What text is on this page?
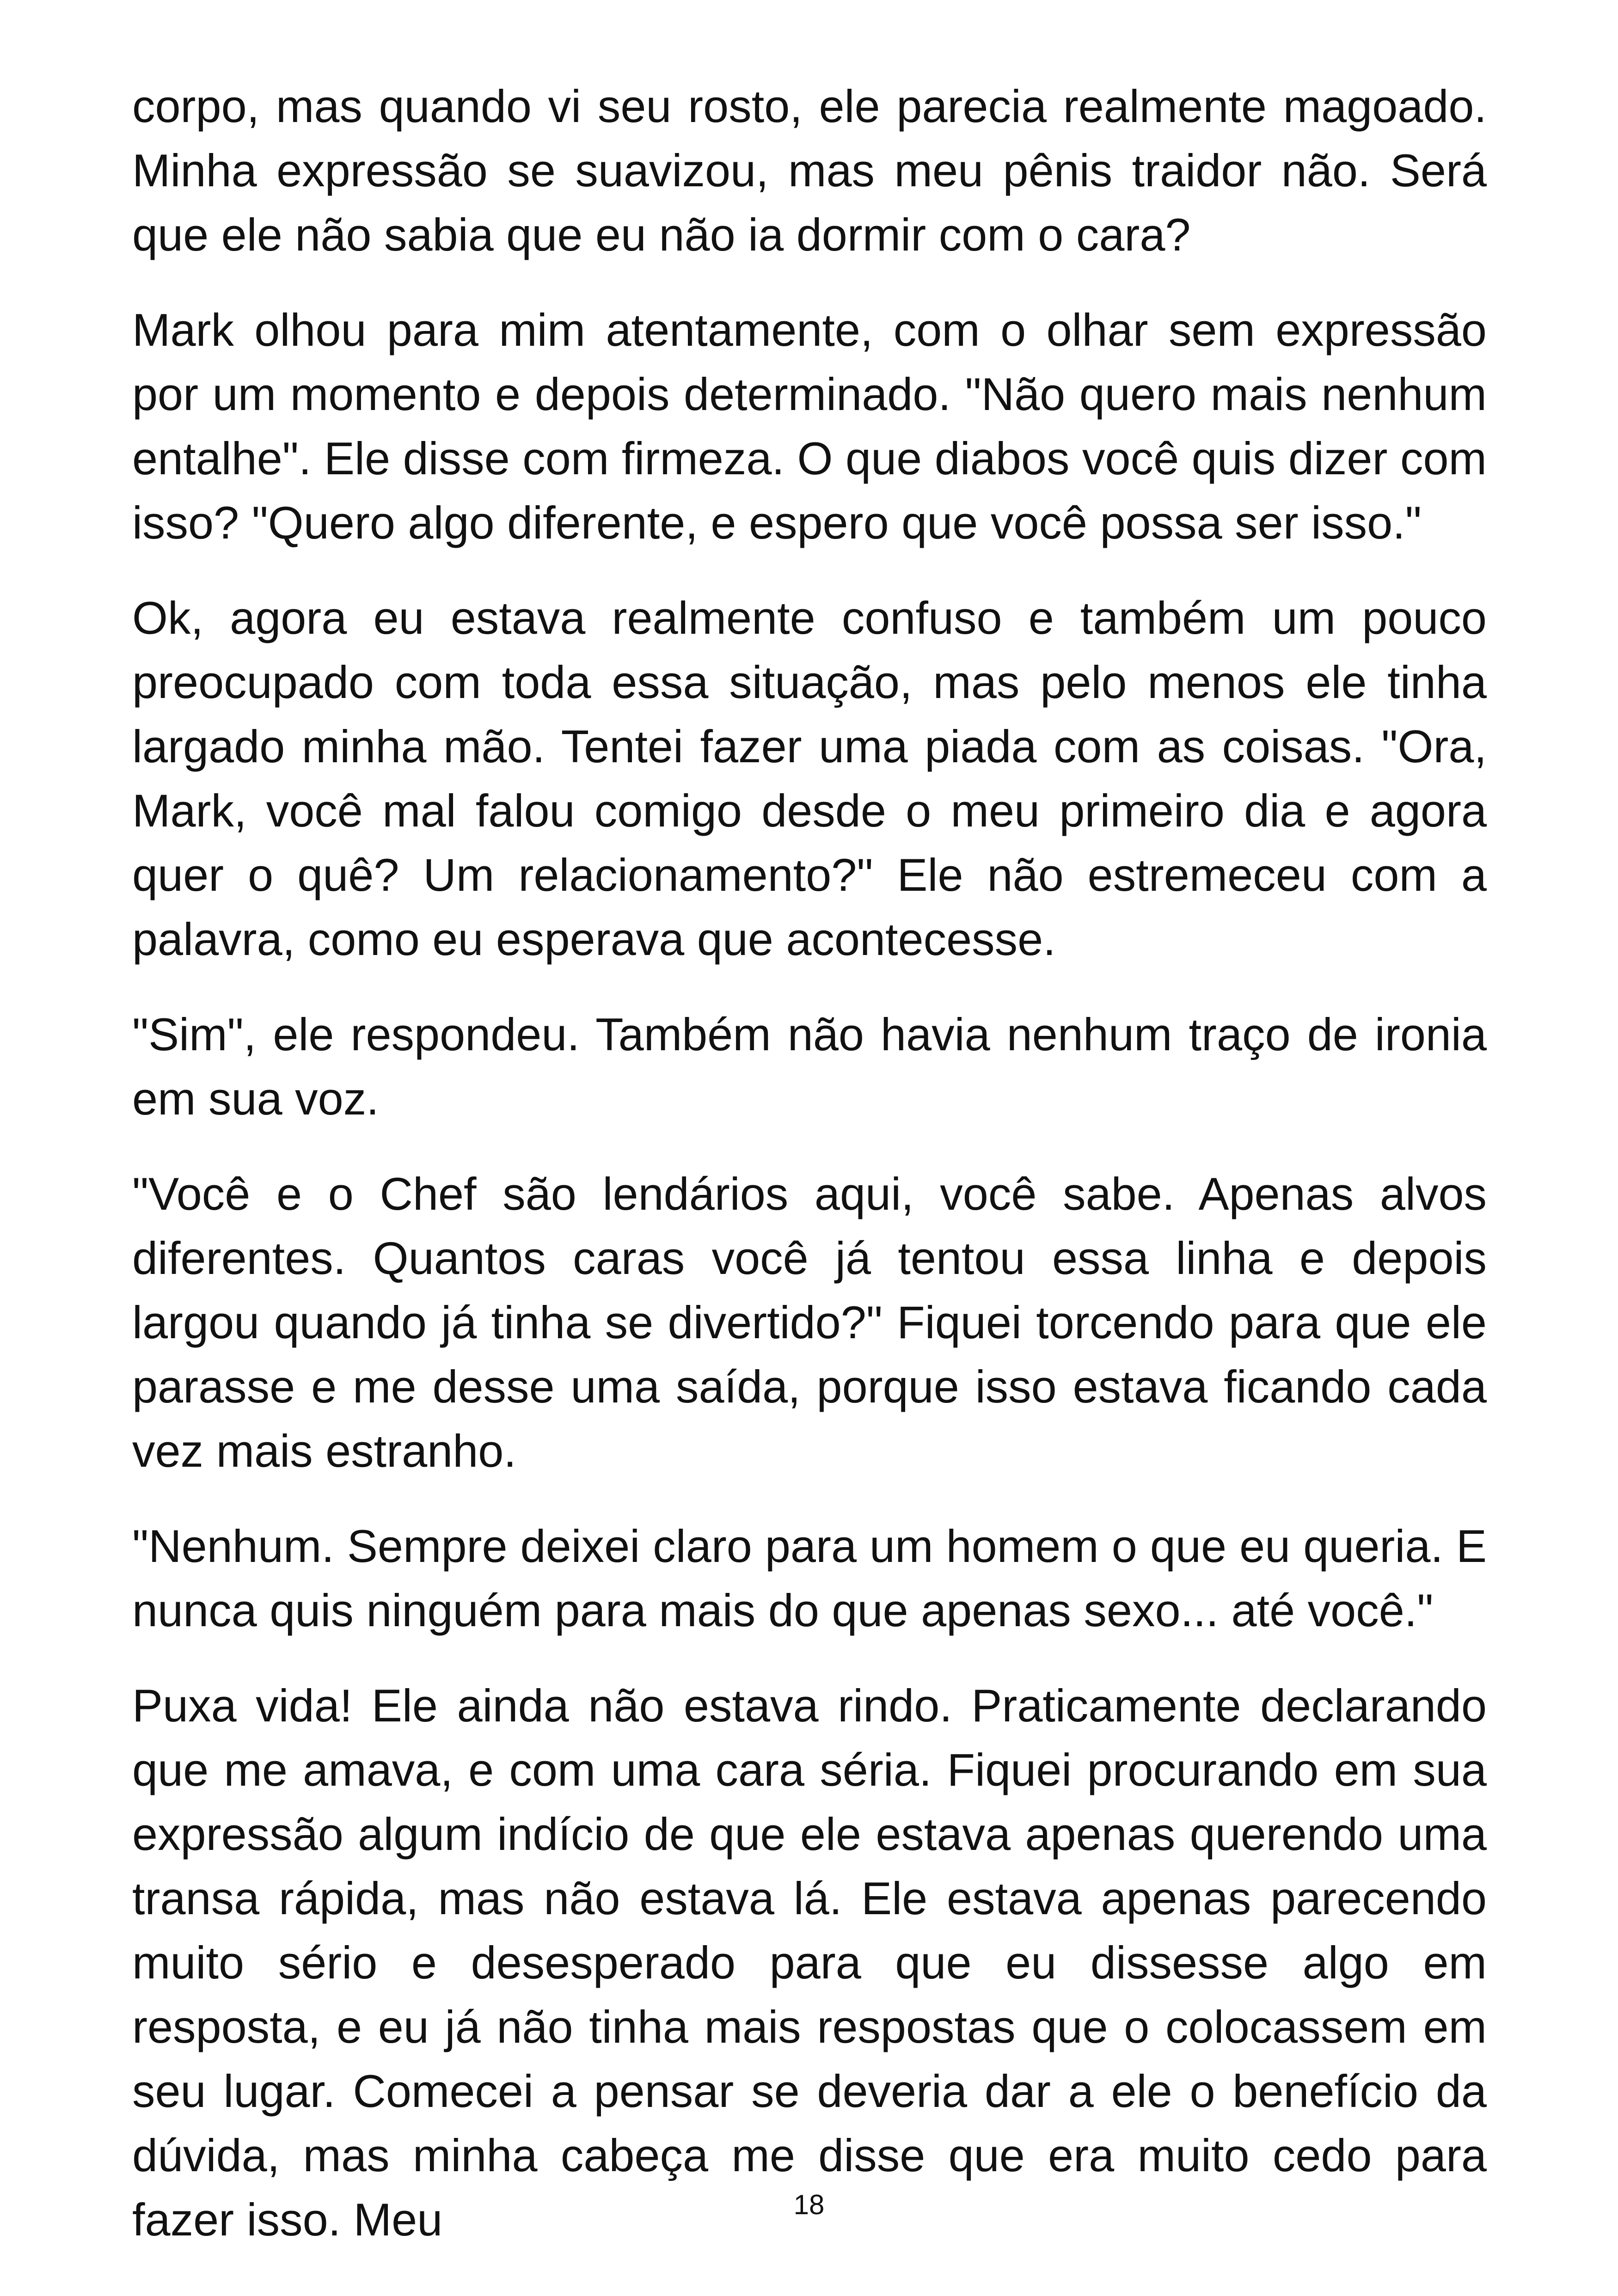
corpo, mas quando vi seu rosto, ele parecia realmente magoado. Minha expressão se suavizou, mas meu pênis traidor não. Será que ele não sabia que eu não ia dormir com o cara?

Mark olhou para mim atentamente, com o olhar sem expressão por um momento e depois determinado. "Não quero mais nenhum entalhe". Ele disse com firmeza. O que diabos você quis dizer com isso? "Quero algo diferente, e espero que você possa ser isso."

Ok, agora eu estava realmente confuso e também um pouco preocupado com toda essa situação, mas pelo menos ele tinha largado minha mão. Tentei fazer uma piada com as coisas. "Ora, Mark, você mal falou comigo desde o meu primeiro dia e agora quer o quê? Um relacionamento?" Ele não estremeceu com a palavra, como eu esperava que acontecesse.

"Sim", ele respondeu. Também não havia nenhum traço de ironia em sua voz.

"Você e o Chef são lendários aqui, você sabe. Apenas alvos diferentes. Quantos caras você já tentou essa linha e depois largou quando já tinha se divertido?" Fiquei torcendo para que ele parasse e me desse uma saída, porque isso estava ficando cada vez mais estranho.

"Nenhum. Sempre deixei claro para um homem o que eu queria. E nunca quis ninguém para mais do que apenas sexo... até você."

Puxa vida! Ele ainda não estava rindo. Praticamente declarando que me amava, e com uma cara séria. Fiquei procurando em sua expressão algum indício de que ele estava apenas querendo uma transa rápida, mas não estava lá. Ele estava apenas parecendo muito sério e desesperado para que eu dissesse algo em resposta, e eu já não tinha mais respostas que o colocassem em seu lugar. Comecei a pensar se deveria dar a ele o benefício da dúvida, mas minha cabeça me disse que era muito cedo para fazer isso. Meu	18
